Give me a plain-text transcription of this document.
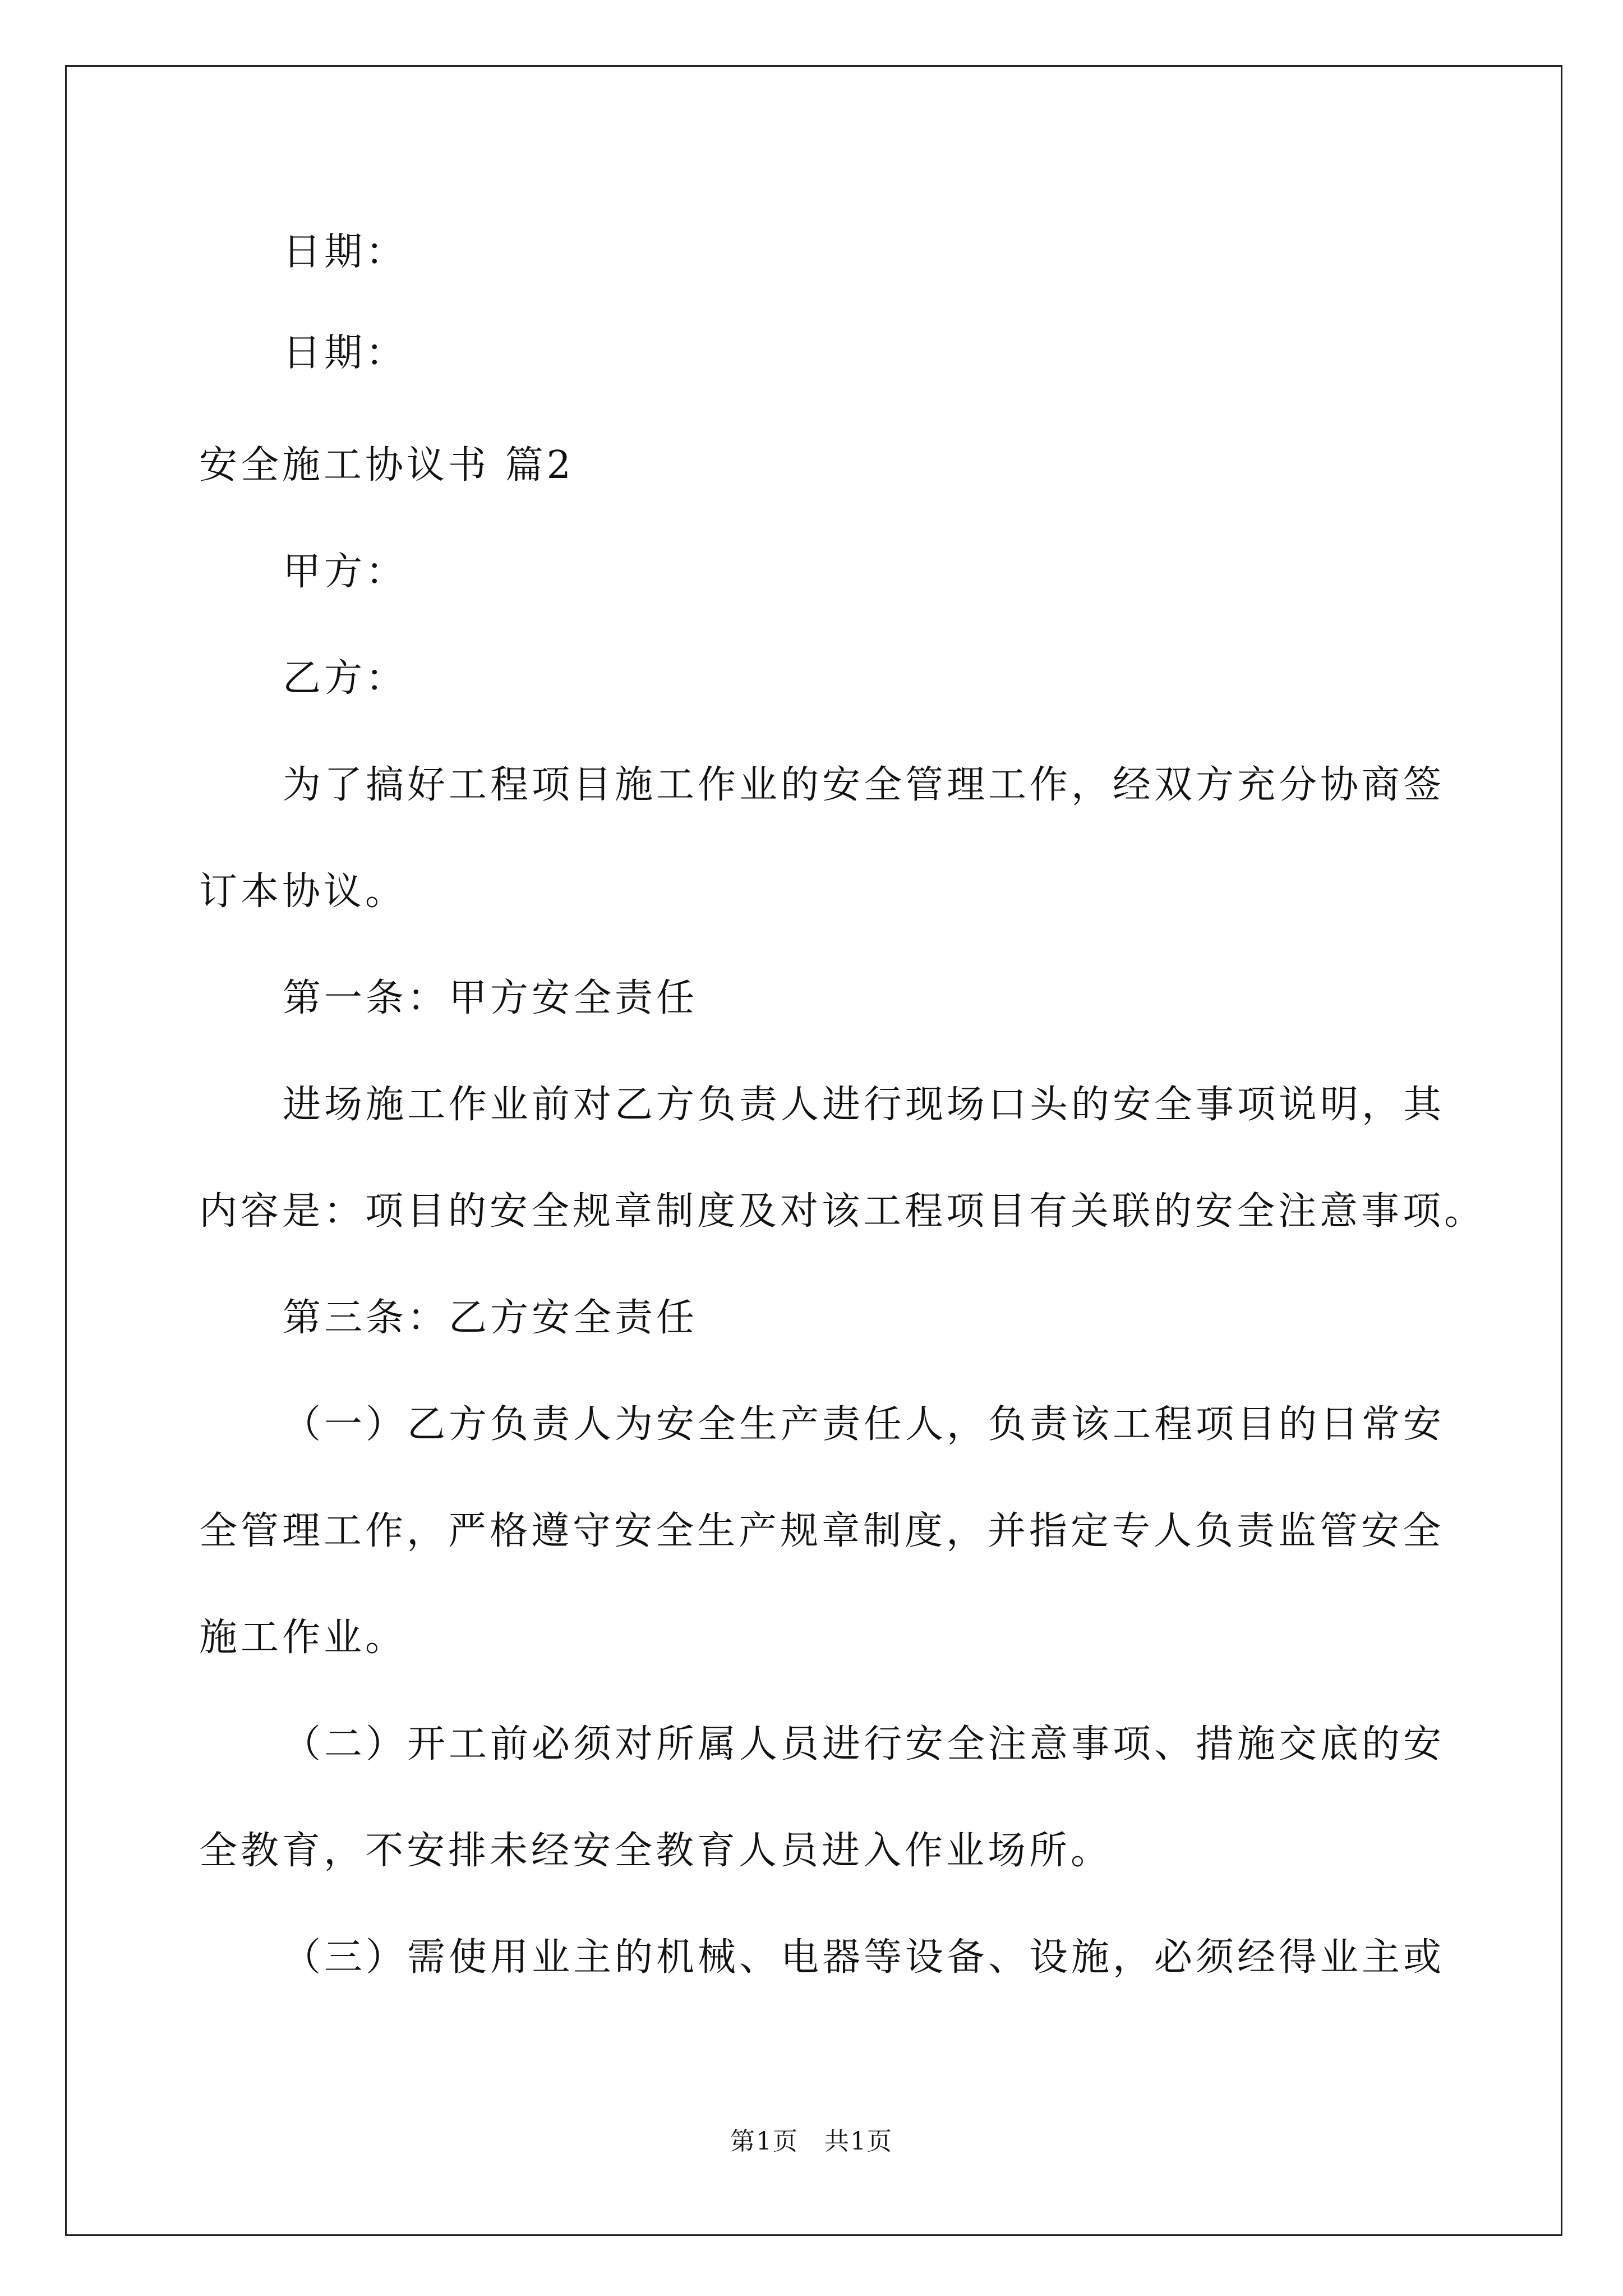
日期：
日期：
安全施工协议书 篇2
甲方：
乙方：
为了搞好工程项目施工作业的安全管理工作，经双方充分协商签
订本协议。
第一条：甲方安全责任
进场施工作业前对乙方负责人进行现场口头的安全事项说明，其
内容是：项目的安全规章制度及对该工程项目有关联的安全注意事项。
第三条：乙方安全责任
（一）乙方负责人为安全生产责任人，负责该工程项目的日常安
全管理工作，严格遵守安全生产规章制度，并指定专人负责监管安全
施工作业。
（二）开工前必须对所属人员进行安全注意事项、措施交底的安
全教育，不安排未经安全教育人员进入作业场所。
（三）需使用业主的机械、电器等设备、设施，必须经得业主或
第1页　共1页
